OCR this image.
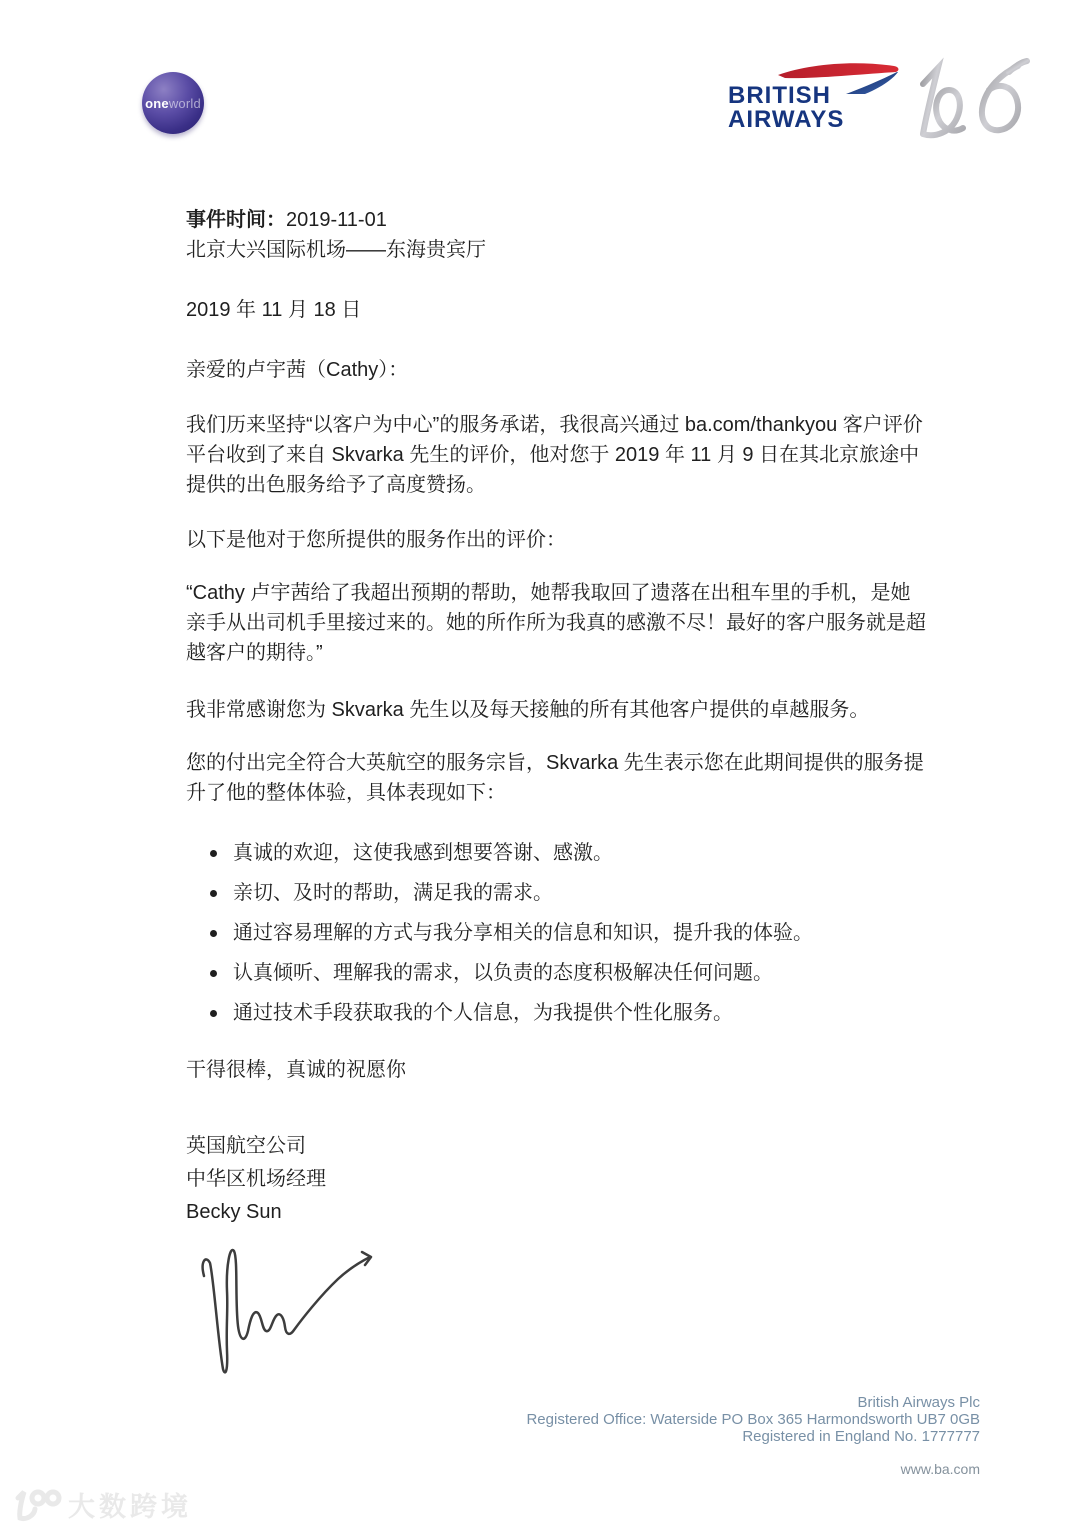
oneworld	BRITISH
AIRWAYS

事件时间：2019-11-01

北京大兴国际机场——东海贵宾厅

2019 年 11 月 18 日

亲爱的卢宇茜（Cathy）：

我们历来坚持“以客户为中心”的服务承诺，我很高兴通过 ba.com/thankyou 客户评价平台收到了来自 Skvarka 先生的评价，他对您于 2019 年 11 月 9 日在其北京旅途中提供的出色服务给予了高度赞扬。

以下是他对于您所提供的服务作出的评价：

“Cathy 卢宇茜给了我超出预期的帮助，她帮我取回了遗落在出租车里的手机，是她亲手从出司机手里接过来的。她的所作所为我真的感激不尽！最好的客户服务就是超越客户的期待。”

我非常感谢您为 Skvarka 先生以及每天接触的所有其他客户提供的卓越服务。

您的付出完全符合大英航空的服务宗旨，Skvarka 先生表示您在此期间提供的服务提升了他的整体体验，具体表现如下：

真诚的欢迎，这使我感到想要答谢、感激。
亲切、及时的帮助，满足我的需求。
通过容易理解的方式与我分享相关的信息和知识，提升我的体验。
认真倾听、理解我的需求，以负责的态度积极解决任何问题。
通过技术手段获取我的个人信息，为我提供个性化服务。

干得很棒，真诚的祝愿你

英国航空公司
中华区机场经理
Becky Sun

British Airways Plc
Registered Office: Waterside PO Box 365 Harmondsworth UB7 0GB
Registered in England No. 1777777
www.ba.com
大数跨境
